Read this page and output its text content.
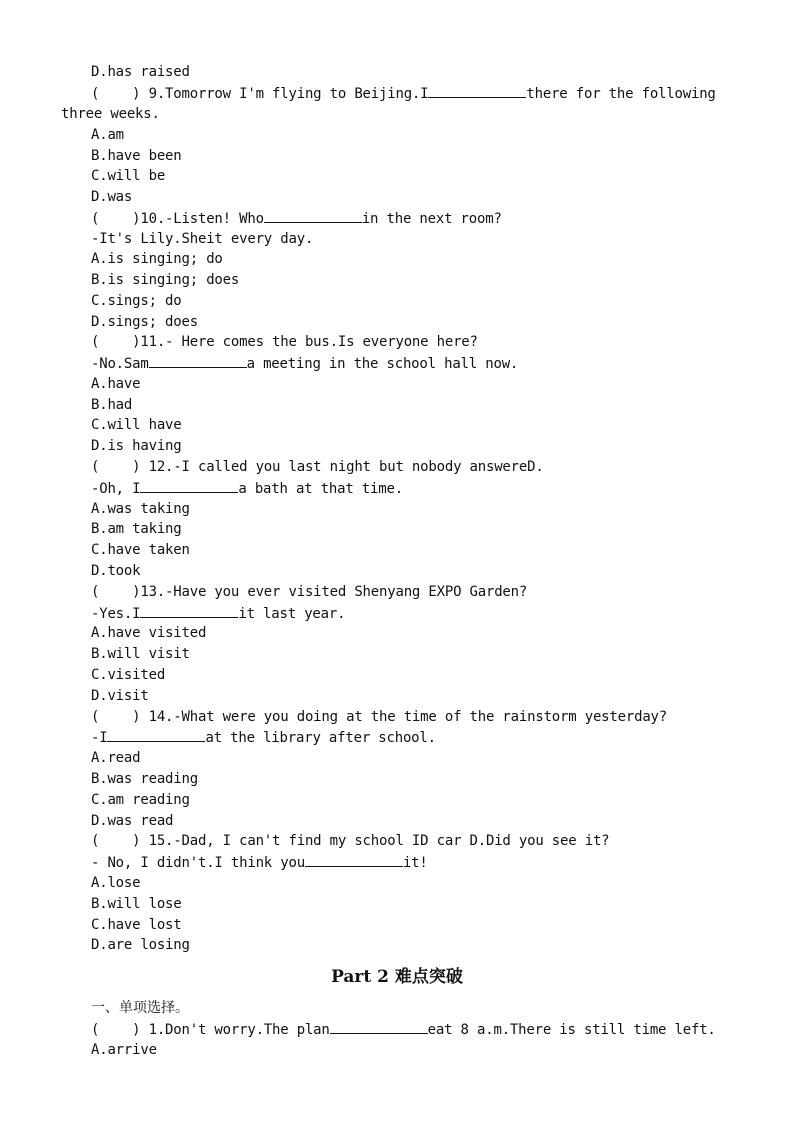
D.has raised
(    ) 9.Tomorrow I'm flying to Beijing.I	there for the following
three weeks.
A.am
B.have been
C.will be
D.was
(    )10.-Listen! Who	in the next room?
-It's Lily.Sheit every day.
A.is singing; do
B.is singing; does
C.sings; do
D.sings; does
(    )11.- Here comes the bus.Is everyone here?
-No.Sam	a meeting in the school hall now.
A.have
B.had
C.will have
D.is having
(    ) 12.-I called you last night but nobody answereD.
-Oh, I	a bath at that time.
A.was taking
B.am taking
C.have taken
D.took
(    )13.-Have you ever visited Shenyang EXPO Garden?
-Yes.I	it last year.
A.have visited
B.will visit
C.visited
D.visit
(    ) 14.-What were you doing at the time of the rainstorm yesterday?
-I	at the library after school.
A.read
B.was reading
C.am reading
D.was read
(    ) 15.-Dad, I can't find my school ID car D.Did you see it?
- No, I didn't.I think you	it!
A.lose
B.will lose
C.have lost
D.are losing
Part 2 难点突破
一、单项选择。
(    ) 1.Don't worry.The plan	eat 8 a.m.There is still time left.
A.arrive
